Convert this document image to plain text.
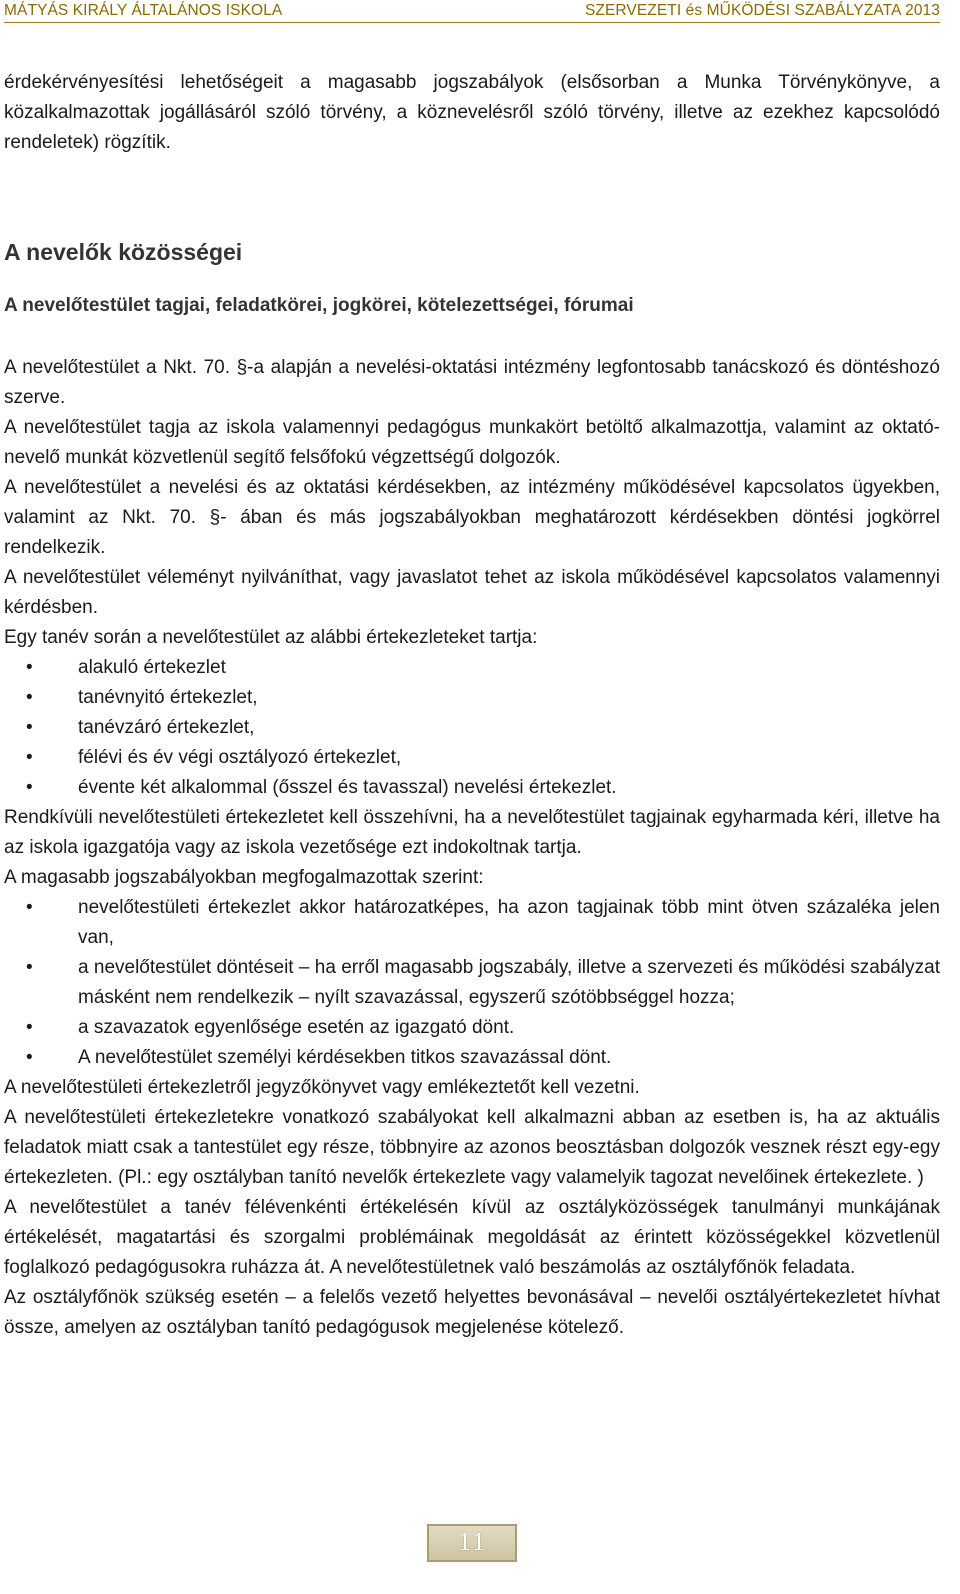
MÁTYÁS KIRÁLY ÁLTALÁNOS ISKOLA	SZERVEZETI és MŰKÖDÉSI SZABÁLYZATA 2013

érdekérvényesítési lehetőségeit a magasabb jogszabályok (elsősorban a Munka Törvénykönyve, a közalkalmazottak jogállásáról szóló törvény, a köznevelésről szóló törvény, illetve az ezekhez kapcsolódó rendeletek) rögzítik.

A nevelők közösségei
A nevelőtestület tagjai, feladatkörei, jogkörei, kötelezettségei, fórumai

A nevelőtestület a Nkt. 70. §-a alapján a nevelési-oktatási intézmény legfontosabb tanácskozó és döntéshozó szerve.

A nevelőtestület tagja az iskola valamennyi pedagógus munkakört betöltő alkalmazottja, valamint az oktató-nevelő munkát közvetlenül segítő felsőfokú végzettségű dolgozók.

A nevelőtestület a nevelési és az oktatási kérdésekben, az intézmény működésével kapcsolatos ügyekben, valamint az Nkt. 70. §- ában és más jogszabályokban meghatározott kérdésekben döntési jogkörrel rendelkezik.

A nevelőtestület véleményt nyilváníthat, vagy javaslatot tehet az iskola működésével kapcsolatos valamennyi kérdésben.

Egy tanév során a nevelőtestület az alábbi értekezleteket tartja:

•	alakuló értekezlet
•	tanévnyitó értekezlet,
•	tanévzáró értekezlet,
•	félévi és év végi osztályozó értekezlet,
•	évente két alkalommal (ősszel és tavasszal) nevelési értekezlet.

Rendkívüli nevelőtestületi értekezletet kell összehívni, ha a nevelőtestület tagjainak egyharmada kéri, illetve ha az iskola igazgatója vagy az iskola vezetősége ezt indokoltnak tartja.

A magasabb jogszabályokban megfogalmazottak szerint:

•	nevelőtestületi értekezlet akkor határozatképes, ha azon tagjainak több mint ötven százaléka jelen van,
•	a nevelőtestület döntéseit – ha erről magasabb jogszabály, illetve a szervezeti és működési szabályzat másként nem rendelkezik – nyílt szavazással, egyszerű szótöbbséggel hozza;
•	a szavazatok egyenlősége esetén az igazgató dönt.
•	A nevelőtestület személyi kérdésekben titkos szavazással dönt.

A nevelőtestületi értekezletről jegyzőkönyvet vagy emlékeztetőt kell vezetni.

A nevelőtestületi értekezletekre vonatkozó szabályokat kell alkalmazni abban az esetben is, ha az aktuális feladatok miatt csak a tantestület egy része, többnyire az azonos beosztásban dolgozók vesznek részt egy-egy értekezleten. (Pl.: egy osztályban tanító nevelők értekezlete vagy valamelyik tagozat nevelőinek értekezlete. )

A nevelőtestület a tanév félévenkénti értékelésén kívül az osztályközösségek tanulmányi munkájának értékelését, magatartási és szorgalmi problémáinak megoldását az érintett közösségekkel közvetlenül foglalkozó pedagógusokra ruházza át. A nevelőtestületnek való beszámolás az osztályfőnök feladata.

Az osztályfőnök szükség esetén – a felelős vezető helyettes bevonásával – nevelői osztályértekezletet hívhat össze, amelyen az osztályban tanító pedagógusok megjelenése kötelező.

11
